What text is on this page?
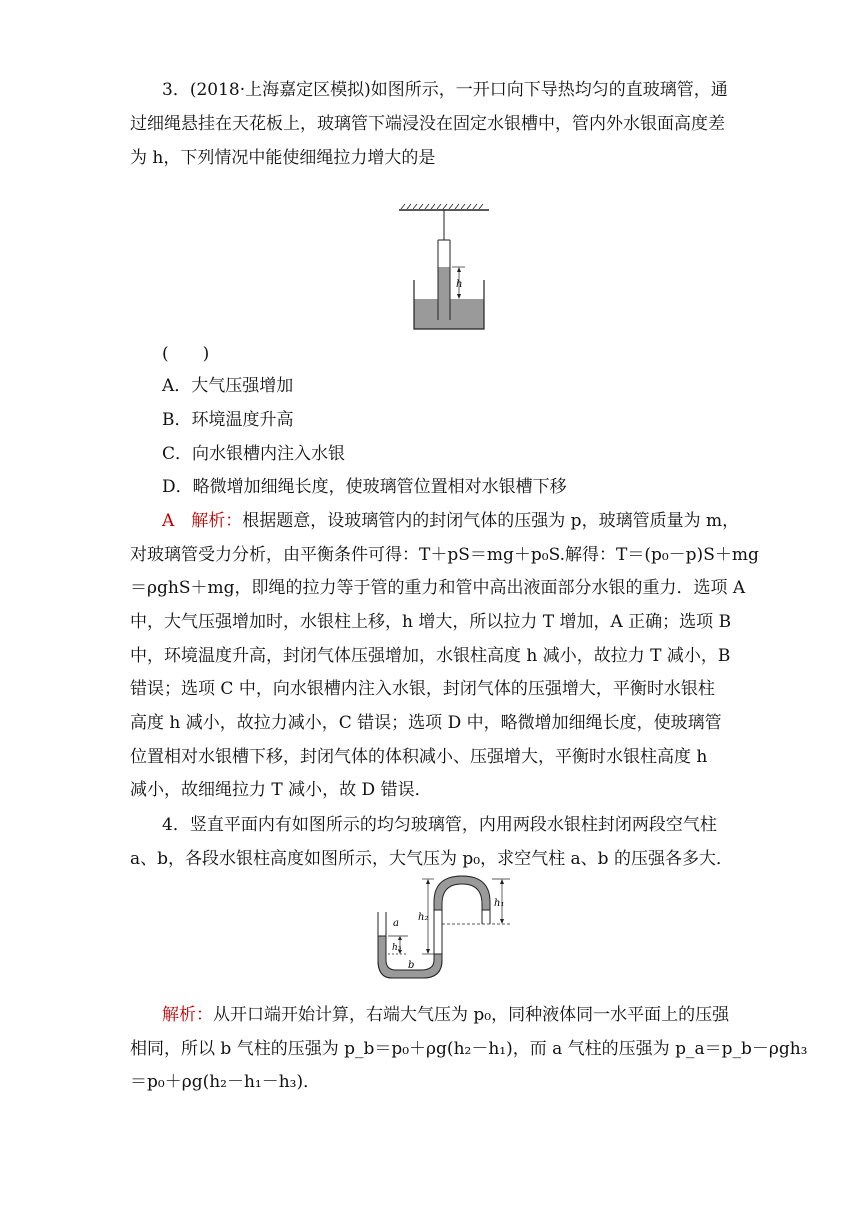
3．(2018·上海嘉定区模拟)如图所示，一开口向下导热均匀的直玻璃管，通
过细绳悬挂在天花板上，玻璃管下端浸没在固定水银槽中，管内外水银面高度差
为 h，下列情况中能使细绳拉力增大的是
h
(　　)
A．大气压强增加
B．环境温度升高
C．向水银槽内注入水银
D．略微增加细绳长度，使玻璃管位置相对水银槽下移
A　 解析：根据题意，设玻璃管内的封闭气体的压强为 p，玻璃管质量为 m，
对玻璃管受力分析，由平衡条件可得：T＋pS＝mg＋p₀S.解得：T＝(p₀－p)S＋mg
＝ρghS＋mg，即绳的拉力等于管的重力和管中高出液面部分水银的重力．选项 A
中，大气压强增加时，水银柱上移，h 增大，所以拉力 T 增加，A 正确；选项 B
中，环境温度升高，封闭气体压强增加，水银柱高度 h 减小，故拉力 T 减小，B
错误；选项 C 中，向水银槽内注入水银，封闭气体的压强增大，平衡时水银柱
高度 h 减小，故拉力减小，C 错误；选项 D 中，略微增加细绳长度，使玻璃管
位置相对水银槽下移，封闭气体的体积减小、压强增大，平衡时水银柱高度 h
减小，故细绳拉力 T 减小，故 D 错误．
4．竖直平面内有如图所示的均匀玻璃管，内用两段水银柱封闭两段空气柱
a、b，各段水银柱高度如图所示，大气压为 p₀，求空气柱 a、b 的压强各多大．
h₁
h₂
h₃
a
b
解析：从开口端开始计算，右端大气压为 p₀，同种液体同一水平面上的压强
相同，所以 b 气柱的压强为 p_b＝p₀＋ρg(h₂－h₁)，而 a 气柱的压强为 p_a＝p_b－ρgh₃
＝p₀＋ρg(h₂－h₁－h₃)．
